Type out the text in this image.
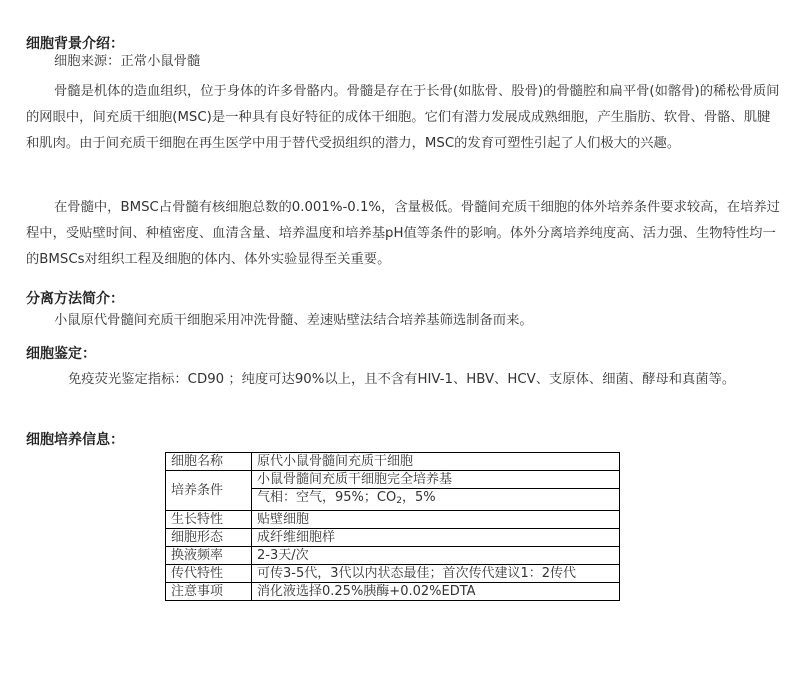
细胞背景介绍：

细胞来源：正常小鼠骨髓

骨髓是机体的造血组织，位于身体的许多骨骼内。骨髓是存在于长骨(如肱骨、股骨)的骨髓腔和扁平骨(如髂骨)的稀松骨质间的网眼中，间充质干细胞(MSC)是一种具有良好特征的成体干细胞。它们有潜力发展成成熟细胞，产生脂肪、软骨、骨骼、肌腱和肌肉。由于间充质干细胞在再生医学中用于替代受损组织的潜力，MSC的发育可塑性引起了人们极大的兴趣。

在骨髓中，BMSC占骨髓有核细胞总数的0.001%-0.1%，含量极低。骨髓间充质干细胞的体外培养条件要求较高，在培养过程中，受贴壁时间、种植密度、血清含量、培养温度和培养基pH值等条件的影响。体外分离培养纯度高、活力强、生物特性均一的BMSCs对组织工程及细胞的体内、体外实验显得至关重要。

分离方法简介：

小鼠原代骨髓间充质干细胞采用冲洗骨髓、差速贴壁法结合培养基筛选制备而来。

细胞鉴定：

免疫荧光鉴定指标：CD90 ；纯度可达90%以上，且不含有HIV-1、HBV、HCV、支原体、细菌、酵母和真菌等。

细胞培养信息：
细胞名称	原代小鼠骨髓间充质干细胞
培养条件	小鼠骨髓间充质干细胞完全培养基
	气相：空气，95%；$CO_2$，5%
生长特性	贴壁细胞
细胞形态	成纤维细胞样
换液频率	2-3天/次
传代特性	可传3-5代，3代以内状态最佳；首次传代建议1：2传代
注意事项	消化液选择0.25%胰酶+0.02%EDTA
